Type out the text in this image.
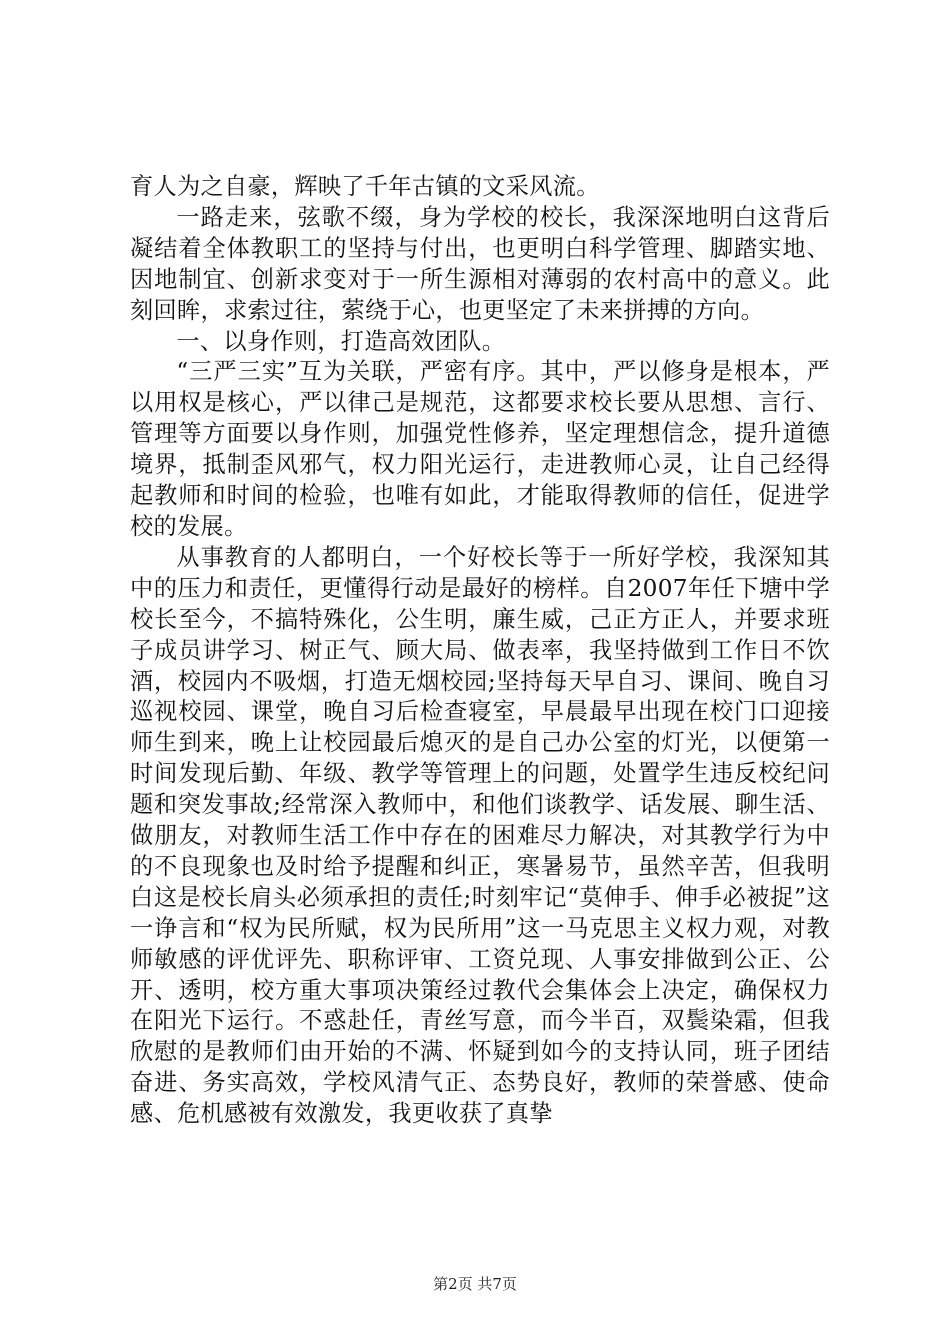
育人为之自豪，辉映了千年古镇的文采风流。

一路走来，弦歌不缀，身为学校的校长，我深深地明白这背后凝结着全体教职工的坚持与付出，也更明白科学管理、脚踏实地、因地制宜、创新求变对于一所生源相对薄弱的农村高中的意义。此刻回眸，求索过往，萦绕于心，也更坚定了未来拼搏的方向。

一、以身作则，打造高效团队。

“三严三实”互为关联，严密有序。其中，严以修身是根本，严以用权是核心，严以律己是规范，这都要求校长要从思想、言行、管理等方面要以身作则，加强党性修养，坚定理想信念，提升道德境界，抵制歪风邪气，权力阳光运行，走进教师心灵，让自己经得起教师和时间的检验，也唯有如此，才能取得教师的信任，促进学校的发展。

从事教育的人都明白，一个好校长等于一所好学校，我深知其中的压力和责任，更懂得行动是最好的榜样。自2007年任下塘中学校长至今，不搞特殊化，公生明，廉生威，己正方正人，并要求班子成员讲学习、树正气、顾大局、做表率，我坚持做到工作日不饮酒，校园内不吸烟，打造无烟校园;坚持每天早自习、课间、晚自习巡视校园、课堂，晚自习后检查寝室，早晨最早出现在校门口迎接师生到来，晚上让校园最后熄灭的是自己办公室的灯光，以便第一时间发现后勤、年级、教学等管理上的问题，处置学生违反校纪问题和突发事故;经常深入教师中，和他们谈教学、话发展、聊生活、做朋友，对教师生活工作中存在的困难尽力解决，对其教学行为中的不良现象也及时给予提醒和纠正，寒暑易节，虽然辛苦，但我明白这是校长肩头必须承担的责任;时刻牢记“莫伸手、伸手必被捉”这一诤言和“权为民所赋，权为民所用”这一马克思主义权力观，对教师敏感的评优评先、职称评审、工资兑现、人事安排做到公正、公开、透明，校方重大事项决策经过教代会集体会上决定，确保权力在阳光下运行。不惑赴任，青丝写意，而今半百，双鬓染霜，但我欣慰的是教师们由开始的不满、怀疑到如今的支持认同，班子团结奋进、务实高效，学校风清气正、态势良好，教师的荣誉感、使命感、危机感被有效激发，我更收获了真挚

第2页 共7页
